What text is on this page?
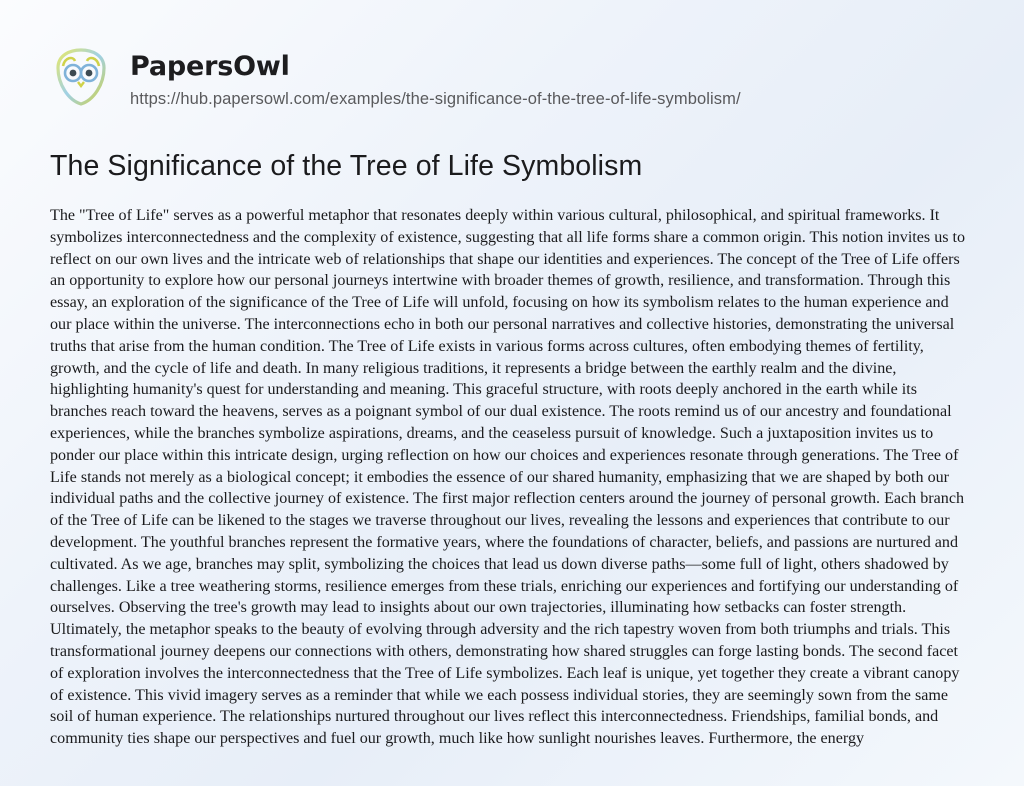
PapersOwl
https://hub.papersowl.com/examples/the-significance-of-the-tree-of-life-symbolism/
The Significance of the Tree of Life Symbolism

The "Tree of Life" serves as a powerful metaphor that resonates deeply within various cultural, philosophical, and spiritual frameworks. It symbolizes interconnectedness and the complexity of existence, suggesting that all life forms share a common origin. This notion invites us to reflect on our own lives and the intricate web of relationships that shape our identities and experiences. The concept of the Tree of Life offers an opportunity to explore how our personal journeys intertwine with broader themes of growth, resilience, and transformation. Through this essay, an exploration of the significance of the Tree of Life will unfold, focusing on how its symbolism relates to the human experience and our place within the universe. The interconnections echo in both our personal narratives and collective histories, demonstrating the universal truths that arise from the human condition. The Tree of Life exists in various forms across cultures, often embodying themes of fertility, growth, and the cycle of life and death. In many religious traditions, it represents a bridge between the earthly realm and the divine, highlighting humanity's quest for understanding and meaning. This graceful structure, with roots deeply anchored in the earth while its branches reach toward the heavens, serves as a poignant symbol of our dual existence. The roots remind us of our ancestry and foundational experiences, while the branches symbolize aspirations, dreams, and the ceaseless pursuit of knowledge. Such a juxtaposition invites us to ponder our place within this intricate design, urging reflection on how our choices and experiences resonate through generations. The Tree of Life stands not merely as a biological concept; it embodies the essence of our shared humanity, emphasizing that we are shaped by both our individual paths and the collective journey of existence. The first major reflection centers around the journey of personal growth. Each branch of the Tree of Life can be likened to the stages we traverse throughout our lives, revealing the lessons and experiences that contribute to our development. The youthful branches represent the formative years, where the foundations of character, beliefs, and passions are nurtured and cultivated. As we age, branches may split, symbolizing the choices that lead us down diverse paths—some full of light, others shadowed by challenges. Like a tree weathering storms, resilience emerges from these trials, enriching our experiences and fortifying our understanding of ourselves. Observing the tree's growth may lead to insights about our own trajectories, illuminating how setbacks can foster strength. Ultimately, the metaphor speaks to the beauty of evolving through adversity and the rich tapestry woven from both triumphs and trials. This transformational journey deepens our connections with others, demonstrating how shared struggles can forge lasting bonds. The second facet of exploration involves the interconnectedness that the Tree of Life symbolizes. Each leaf is unique, yet together they create a vibrant canopy of existence. This vivid imagery serves as a reminder that while we each possess individual stories, they are seemingly sown from the same soil of human experience. The relationships nurtured throughout our lives reflect this interconnectedness. Friendships, familial bonds, and community ties shape our perspectives and fuel our growth, much like how sunlight nourishes leaves. Furthermore, the energy
